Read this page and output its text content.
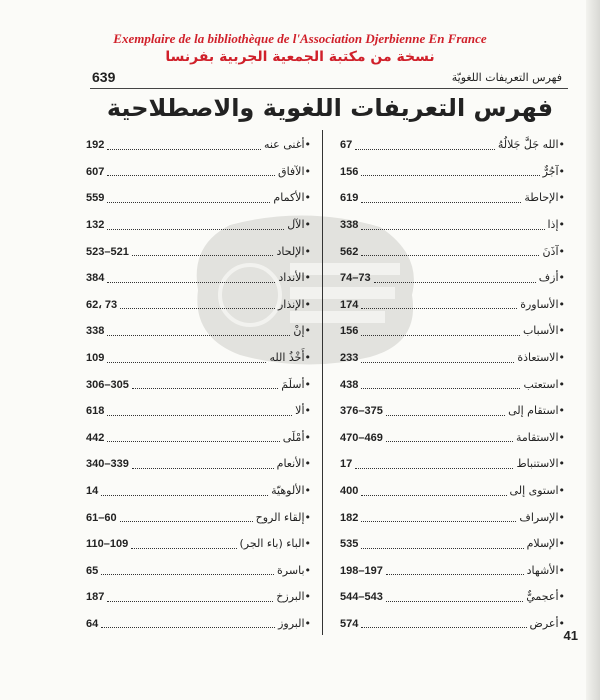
Exemplaire de la bibliothèque de l'Association Djerbienne En France
نسخة من مكتبة الجمعية الجربية بفرنسا
639	فهرس التعريفات اللغويّة
فهرس التعريفات اللغوية والاصطلاحية
192	•أغنى عنه
607	•الآفاق
559	•الأكمام
132	•الآل
523–521	•الإلحاد
384	•الأنداد
62، 73	•الإنذار
338	•إنْ
109	•أَخْذُ الله
306–305	•أسلَمَ
618	•ألا
442	•أمْلَى
340–339	•الأنعام
14	•الألوهيّة
61–60	•إلقاء الروح
110–109	•الباء (باء الجر)
65	•باسرة
187	•البرزخ
64	•البروز
67	•الله جَلَّ جَلالُهُ
156	•آجُرٌّ
619	•الإحاطة
338	•إذا
562	•آذَنَ
74–73	•أزف
174	•الأساورة
156	•الأسباب
233	•الاستعاذة
438	•استعتب
376–375	•استقام إلى
470–469	•الاستقامة
17	•الاستنباط
400	•استوى إلى
182	•الإسراف
535	•الإسلام
198–197	•الأشهاد
544–543	•أعجميٌّ
574	•أعرض
41
